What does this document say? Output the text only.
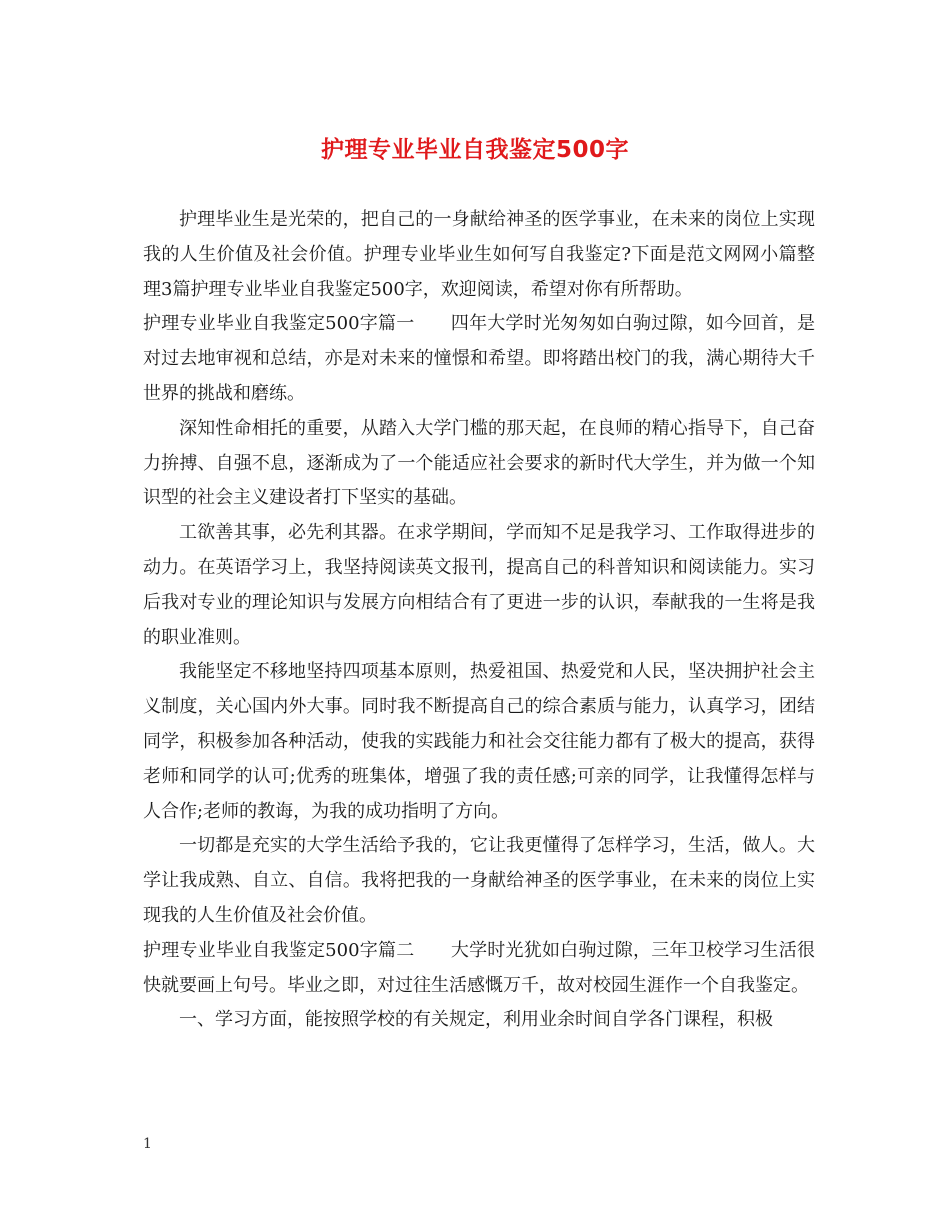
护理专业毕业自我鉴定500字

护理毕业生是光荣的，把自己的一身献给神圣的医学事业，在未来的岗位上实现我的人生价值及社会价值。护理专业毕业生如何写自我鉴定?下面是范文网网小篇整理3篇护理专业毕业自我鉴定500字，欢迎阅读，希望对你有所帮助。

护理专业毕业自我鉴定500字篇一　　四年大学时光匆匆如白驹过隙，如今回首，是对过去地审视和总结，亦是对未来的憧憬和希望。即将踏出校门的我，满心期待大千世界的挑战和磨练。

深知性命相托的重要，从踏入大学门槛的那天起，在良师的精心指导下，自己奋力拚搏、自强不息，逐渐成为了一个能适应社会要求的新时代大学生，并为做一个知识型的社会主义建设者打下坚实的基础。

工欲善其事，必先利其器。在求学期间，学而知不足是我学习、工作取得进步的动力。在英语学习上，我坚持阅读英文报刊，提高自己的科普知识和阅读能力。实习后我对专业的理论知识与发展方向相结合有了更进一步的认识，奉献我的一生将是我的职业准则。

我能坚定不移地坚持四项基本原则，热爱祖国、热爱党和人民，坚决拥护社会主义制度，关心国内外大事。同时我不断提高自己的综合素质与能力，认真学习，团结同学，积极参加各种活动，使我的实践能力和社会交往能力都有了极大的提高，获得老师和同学的认可;优秀的班集体，增强了我的责任感;可亲的同学，让我懂得怎样与人合作;老师的教诲，为我的成功指明了方向。

一切都是充实的大学生活给予我的，它让我更懂得了怎样学习，生活，做人。大学让我成熟、自立、自信。我将把我的一身献给神圣的医学事业，在未来的岗位上实现我的人生价值及社会价值。

护理专业毕业自我鉴定500字篇二　　大学时光犹如白驹过隙，三年卫校学习生活很快就要画上句号。毕业之即，对过往生活感慨万千，故对校园生涯作一个自我鉴定。

一、学习方面，能按照学校的有关规定，利用业余时间自学各门课程，积极

1
